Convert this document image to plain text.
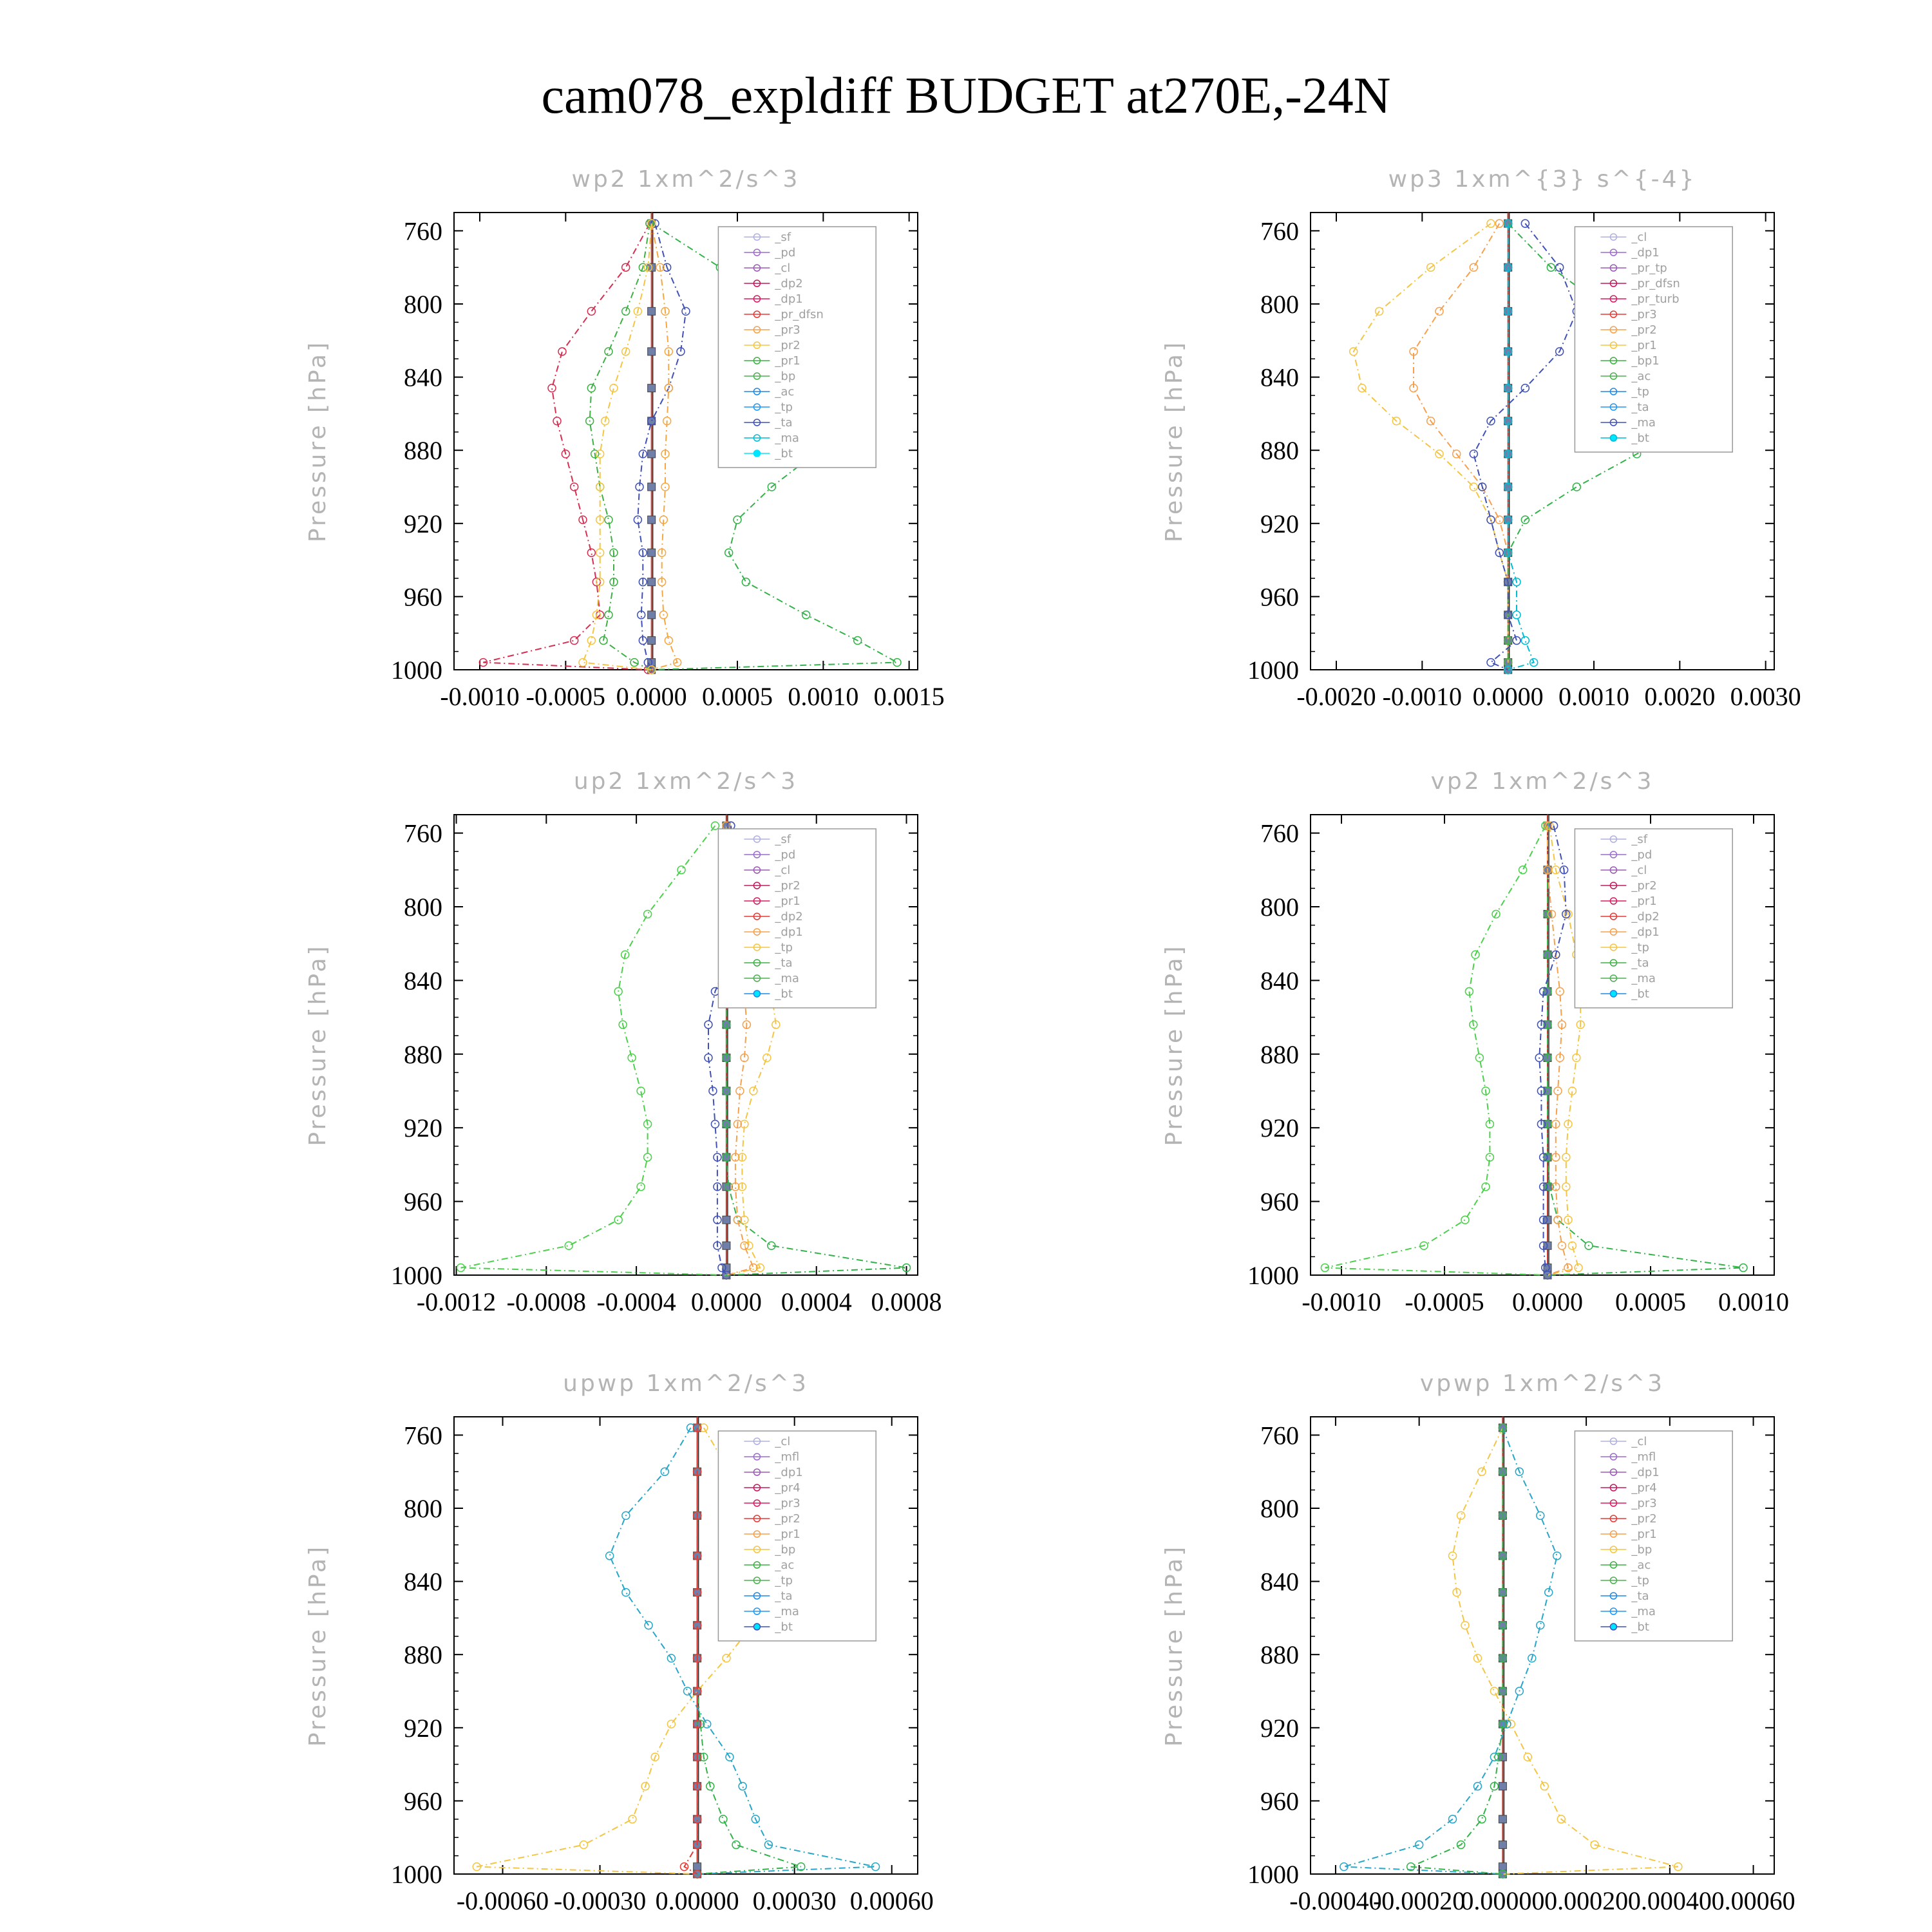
cam078_expldiff BUDGET at270E,-24N
wp2 1xm^2/s^3
Pressure [hPa]
760
800
840
880
920
960
1000
-0.0010 -0.0005 0.0000 0.0005 0.0010 0.0015
_sf
_pd
_cl
_dp2
_dp1
_pr_dfsn
_pr3
_pr2
_pr1
_bp
_ac
_tp
_ta
_ma
_bt
wp3 1xm^{3} s^{-4}
Pressure [hPa]
760
800
840
880
920
960
1000
-0.0020 -0.0010 0.0000 0.0010 0.0020 0.0030
_cl
_dp1
_pr_tp
_pr_dfsn
_pr_turb
_pr3
_pr2
_pr1
_bp1
_ac
_tp
_ta
_ma
_bt
up2 1xm^2/s^3
Pressure [hPa]
760
800
840
880
920
960
1000
-0.0012 -0.0008 -0.0004 0.0000 0.0004 0.0008
_sf
_pd
_cl
_pr2
_pr1
_dp2
_dp1
_tp
_ta
_ma
_bt
vp2 1xm^2/s^3
Pressure [hPa]
760
800
840
880
920
960
1000
-0.0010 -0.0005 0.0000 0.0005 0.0010
_sf
_pd
_cl
_pr2
_pr1
_dp2
_dp1
_tp
_ta
_ma
_bt
upwp 1xm^2/s^3
Pressure [hPa]
760
800
840
880
920
960
1000
-0.00060 -0.00030 0.00000 0.00030 0.00060
_cl
_mfl
_dp1
_pr4
_pr3
_pr2
_pr1
_bp
_ac
_tp
_ta
_ma
_bt
vpwp 1xm^2/s^3
Pressure [hPa]
760
800
840
880
920
960
1000
-0.00040
-0.00020
0.00000 0.00020 0.00040 0.00060
_cl
_mfl
_dp1
_pr4
_pr3
_pr2
_pr1
_bp
_ac
_tp
_ta
_ma
_bt
